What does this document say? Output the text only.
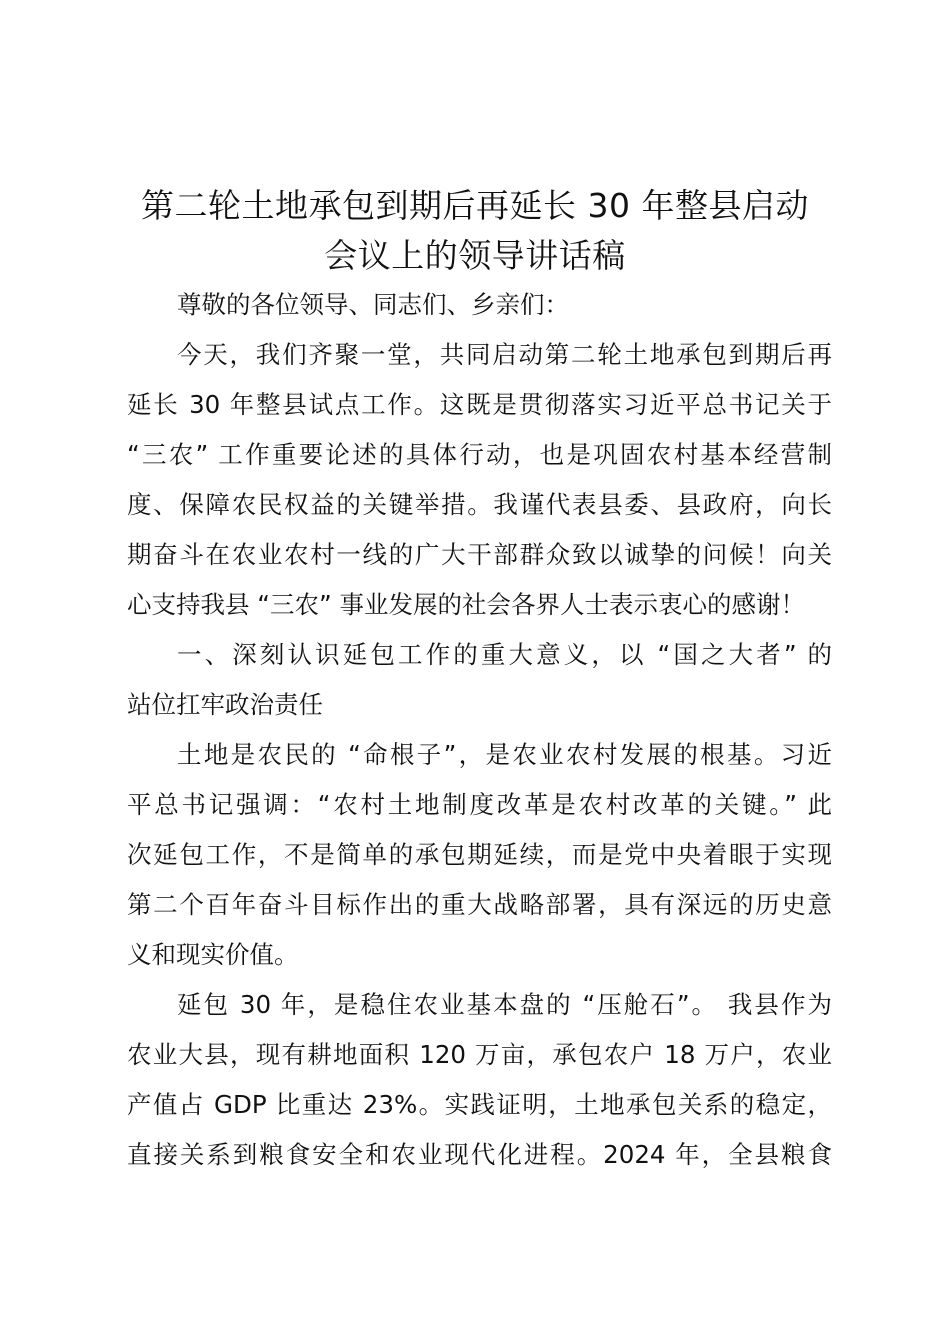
第二轮土地承包到期后再延长 30 年整县启动
会议上的领导讲话稿
尊敬的各位领导、同志们、乡亲们：
今天，我们齐聚一堂，共同启动第二轮土地承包到期后再
延长 30 年整县试点工作。这既是贯彻落实习近平总书记关于
“三农” 工作重要论述的具体行动，也是巩固农村基本经营制
度、保障农民权益的关键举措。我谨代表县委、县政府，向长
期奋斗在农业农村一线的广大干部群众致以诚挚的问候！向关
心支持我县 “三农” 事业发展的社会各界人士表示衷心的感谢！
一、深刻认识延包工作的重大意义，以 “国之大者” 的
站位扛牢政治责任
土地是农民的 “命根子”，是农业农村发展的根基。习近
平总书记强调：“农村土地制度改革是农村改革的关键。” 此
次延包工作，不是简单的承包期延续，而是党中央着眼于实现
第二个百年奋斗目标作出的重大战略部署，具有深远的历史意
义和现实价值。
延包 30 年，是稳住农业基本盘的 “压舱石”。 我县作为
农业大县，现有耕地面积 120 万亩，承包农户 18 万户，农业
产值占 GDP 比重达 23%。实践证明，土地承包关系的稳定，
直接关系到粮食安全和农业现代化进程。2024 年，全县粮食
